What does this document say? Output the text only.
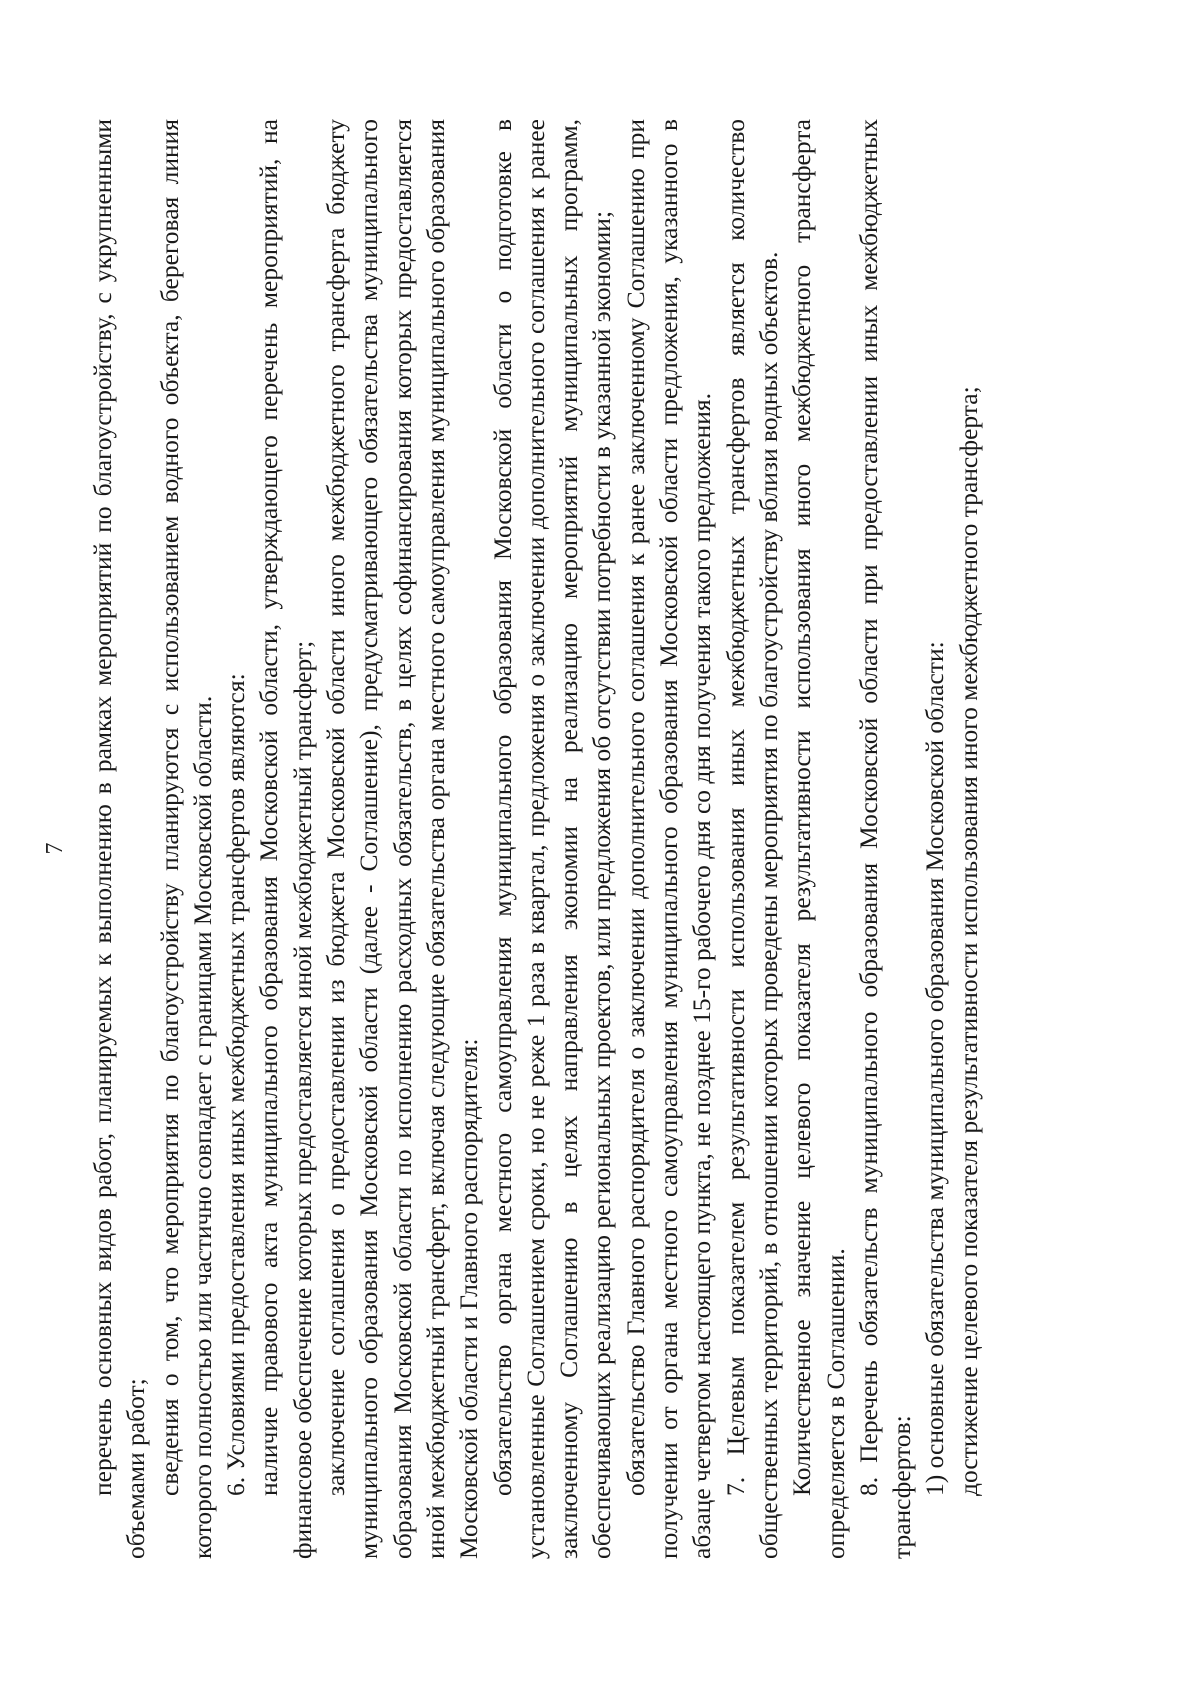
7 перечень основных видов работ, планируемых к выполнению в рамках мероприятий по благоустройству, с укрупненными объемами работ; сведения о том, что мероприятия по благоустройству планируются с использованием водного объекта, береговая линия которого полностью или частично совпадает с границами Московской области. 6. Условиями предоставления иных межбюджетных трансфертов являются: наличие правового акта муниципального образования Московской области, утверждающего перечень мероприятий, на финансовое обеспечение которых предоставляется иной межбюджетный трансферт; заключение соглашения о предоставлении из бюджета Московской области иного межбюджетного трансферта бюджету муниципального образования Московской области (далее - Соглашение), предусматривающего обязательства муниципального образования Московской области по исполнению расходных обязательств, в целях софинансирования которых предоставляется иной межбюджетный трансферт, включая следующие обязательства органа местного самоуправления муниципального образования Московской области и Главного распорядителя: обязательство органа местного самоуправления муниципального образования Московской области о подготовке в установленные Соглашением сроки, но не реже 1 раза в квартал, предложения о заключении дополнительного соглашения к ранее заключенному Соглашению в целях направления экономии на реализацию мероприятий муниципальных программ, обеспечивающих реализацию региональных проектов, или предложения об отсутствии потребности в указанной экономии; обязательство Главного распорядителя о заключении дополнительного соглашения к ранее заключенному Соглашению при получении от органа местного самоуправления муниципального образования Московской области предложения, указанного в абзаце четвертом настоящего пункта, не позднее 15-го рабочего дня со дня получения такого предложения. 7. Целевым показателем результативности использования иных межбюджетных трансфертов является количество общественных территорий, в отношении которых проведены мероприятия по благоустройству вблизи водных объектов. Количественное значение целевого показателя результативности использования иного межбюджетного трансферта определяется в Соглашении. 8. Перечень обязательств муниципального образования Московской области при предоставлении иных межбюджетных трансфертов: 1) основные обязательства муниципального образования Московской области: достижение целевого показателя результативности использования иного межбюджетного трансферта;
